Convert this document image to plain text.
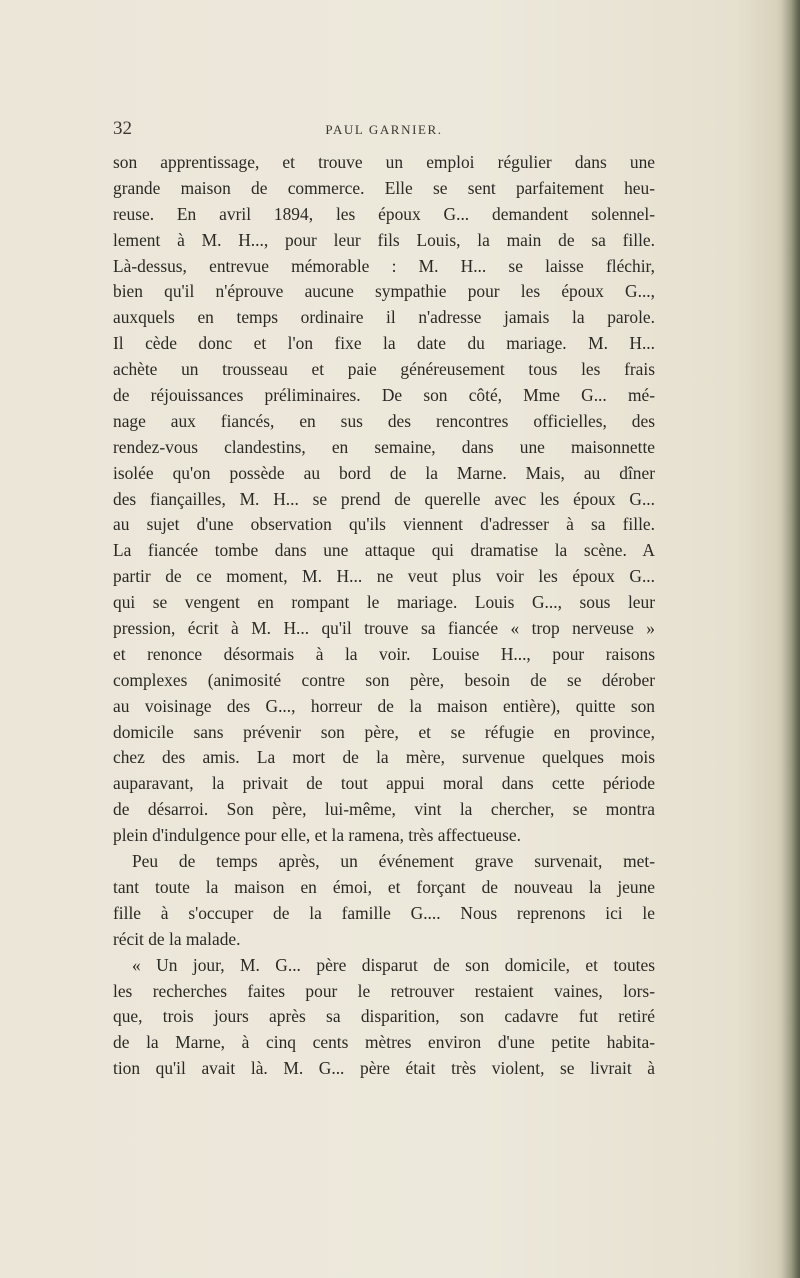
32	PAUL GARNIER.
son apprentissage, et trouve un emploi régulier dans une
grande maison de commerce. Elle se sent parfaitement heu-
reuse. En avril 1894, les époux G... demandent solennel-
lement à M. H..., pour leur fils Louis, la main de sa fille.
Là-dessus, entrevue mémorable : M. H... se laisse fléchir,
bien qu'il n'éprouve aucune sympathie pour les époux G...,
auxquels en temps ordinaire il n'adresse jamais la parole.
Il cède donc et l'on fixe la date du mariage. M. H...
achète un trousseau et paie généreusement tous les frais
de réjouissances préliminaires. De son côté, Mme G... mé-
nage aux fiancés, en sus des rencontres officielles, des
rendez-vous clandestins, en semaine, dans une maisonnette
isolée qu'on possède au bord de la Marne. Mais, au dîner
des fiançailles, M. H... se prend de querelle avec les époux G...
au sujet d'une observation qu'ils viennent d'adresser à sa fille.
La fiancée tombe dans une attaque qui dramatise la scène. A
partir de ce moment, M. H... ne veut plus voir les époux G...
qui se vengent en rompant le mariage. Louis G..., sous leur
pression, écrit à M. H... qu'il trouve sa fiancée « trop nerveuse »
et renonce désormais à la voir. Louise H..., pour raisons
complexes (animosité contre son père, besoin de se dérober
au voisinage des G..., horreur de la maison entière), quitte son
domicile sans prévenir son père, et se réfugie en province,
chez des amis. La mort de la mère, survenue quelques mois
auparavant, la privait de tout appui moral dans cette période
de désarroi. Son père, lui-même, vint la chercher, se montra
plein d'indulgence pour elle, et la ramena, très affectueuse.
Peu de temps après, un événement grave survenait, met-
tant toute la maison en émoi, et forçant de nouveau la jeune
fille à s'occuper de la famille G.... Nous reprenons ici le
récit de la malade.
« Un jour, M. G... père disparut de son domicile, et toutes
les recherches faites pour le retrouver restaient vaines, lors-
que, trois jours après sa disparition, son cadavre fut retiré
de la Marne, à cinq cents mètres environ d'une petite habita-
tion qu'il avait là. M. G... père était très violent, se livrait à
